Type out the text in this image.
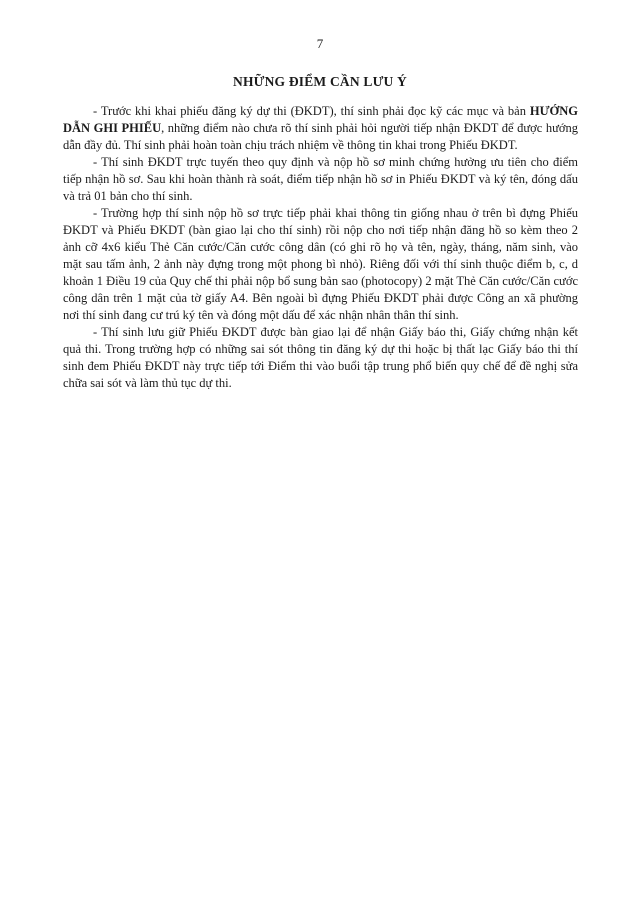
7
NHỮNG ĐIỂM CẦN LƯU Ý

- Trước khi khai phiếu đăng ký dự thi (ĐKDT), thí sinh phải đọc kỹ các mục và bản HƯỚNG DẪN GHI PHIẾU, những điểm nào chưa rõ thí sinh phải hỏi người tiếp nhận ĐKDT để được hướng dẫn đầy đủ. Thí sinh phải hoàn toàn chịu trách nhiệm về thông tin khai trong Phiếu ĐKDT.

- Thí sinh ĐKDT trực tuyến theo quy định và nộp hồ sơ minh chứng hưởng ưu tiên cho điểm tiếp nhận hồ sơ. Sau khi hoàn thành rà soát, điểm tiếp nhận hồ sơ in Phiếu ĐKDT và ký tên, đóng dấu và trả 01 bản cho thí sinh.

- Trường hợp thí sinh nộp hồ sơ trực tiếp phải khai thông tin giống nhau ở trên bì đựng Phiếu ĐKDT và Phiếu ĐKDT (bàn giao lại cho thí sinh) rồi nộp cho nơi tiếp nhận đăng hồ so kèm theo 2 ảnh cỡ 4x6 kiểu Thẻ Căn cước/Căn cước công dân (có ghi rõ họ và tên, ngày, tháng, năm sinh, vào mặt sau tấm ảnh, 2 ảnh này đựng trong một phong bì nhỏ). Riêng đối với thí sinh thuộc điểm b, c, d khoản 1 Điều 19 của Quy chế thi phải nộp bổ sung bản sao (photocopy) 2 mặt Thẻ Căn cước/Căn cước công dân trên 1 mặt của tờ giấy A4. Bên ngoài bì đựng Phiếu ĐKDT phải được Công an xã phường nơi thí sinh đang cư trú ký tên và đóng một dấu để xác nhận nhân thân thí sinh.

- Thí sinh lưu giữ Phiếu ĐKDT được bàn giao lại để nhận Giấy báo thi, Giấy chứng nhận kết quả thi. Trong trường hợp có những sai sót thông tin đăng ký dự thi hoặc bị thất lạc Giấy báo thi thí sinh đem Phiếu ĐKDT này trực tiếp tới Điểm thi vào buổi tập trung phổ biến quy chế để đề nghị sửa chữa sai sót và làm thủ tục dự thi.
